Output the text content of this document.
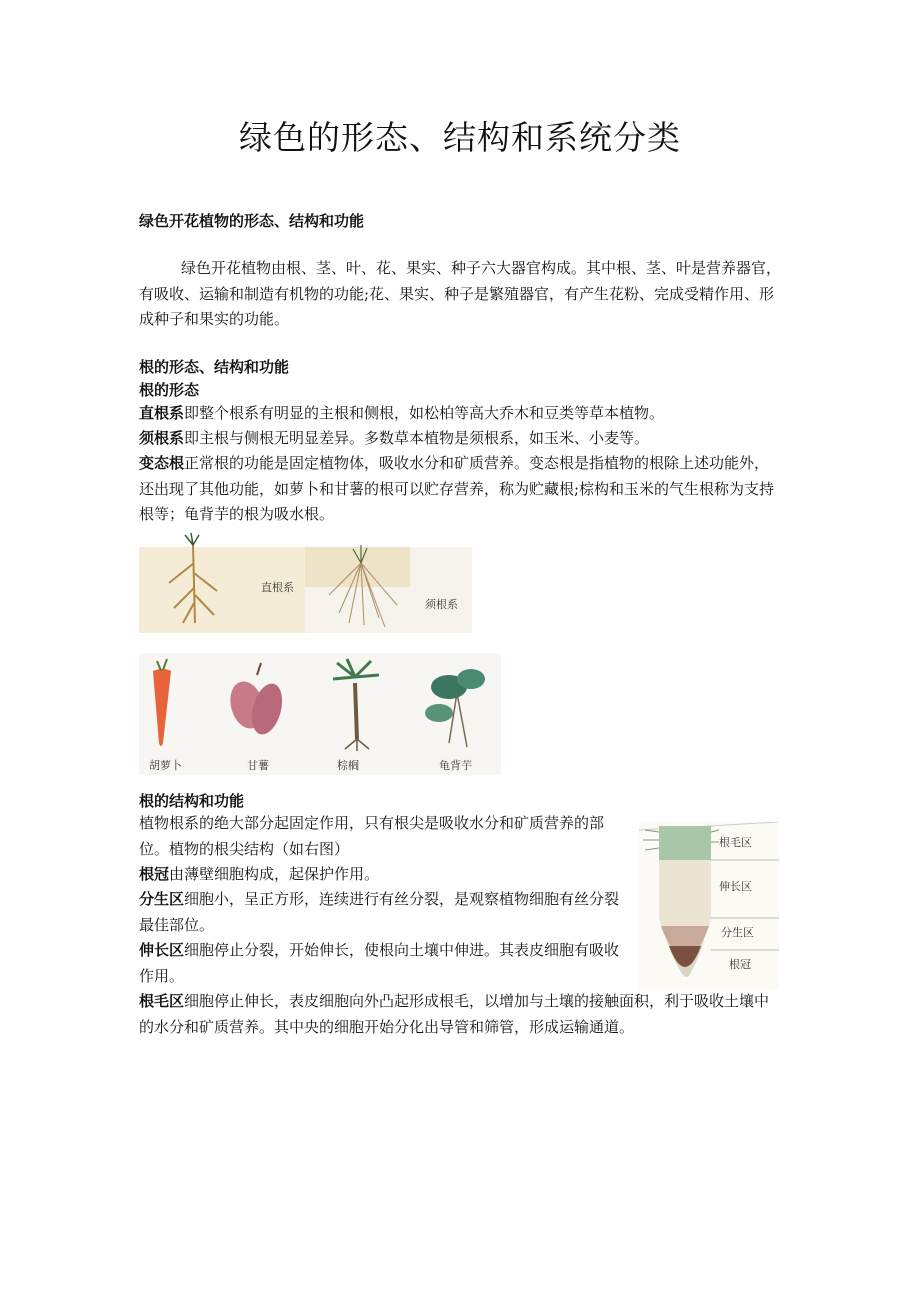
绿色的形态、结构和系统分类
绿色开花植物的形态、结构和功能

绿色开花植物由根、茎、叶、花、果实、种子六大器官构成。其中根、茎、叶是营养器官，有吸收、运输和制造有机物的功能;花、果实、种子是繁殖器官，有产生花粉、完成受精作用、形成种子和果实的功能。

根的形态、结构和功能
根的形态

直根系即整个根系有明显的主根和侧根，如松柏等高大乔木和豆类等草本植物。

须根系即主根与侧根无明显差异。多数草本植物是须根系，如玉米、小麦等。

变态根正常根的功能是固定植物体，吸收水分和矿质营养。变态根是指植物的根除上述功能外，还出现了其他功能，如萝卜和甘薯的根可以贮存营养，称为贮藏根;棕构和玉米的气生根称为支持根等；龟背芋的根为吸水根。

直根系
须根系
胡萝卜	甘薯	棕榈	龟背芋
根的结构和功能

植物根系的绝大部分起固定作用，只有根尖是吸收水分和矿质营养的部位。植物的根尖结构（如右图）

根冠由薄壁细胞构成，起保护作用。

分生区细胞小，呈正方形，连续进行有丝分裂，是观察植物细胞有丝分裂最佳部位。

伸长区细胞停止分裂，开始伸长，使根向土壤中伸进。其表皮细胞有吸收作用。

根毛区细胞停止伸长，表皮细胞向外凸起形成根毛，以增加与土壤的接触面积，利于吸收土壤中的水分和矿质营养。其中央的细胞开始分化出导管和筛管，形成运输通道。

根毛区
伸长区
分生区
根冠
